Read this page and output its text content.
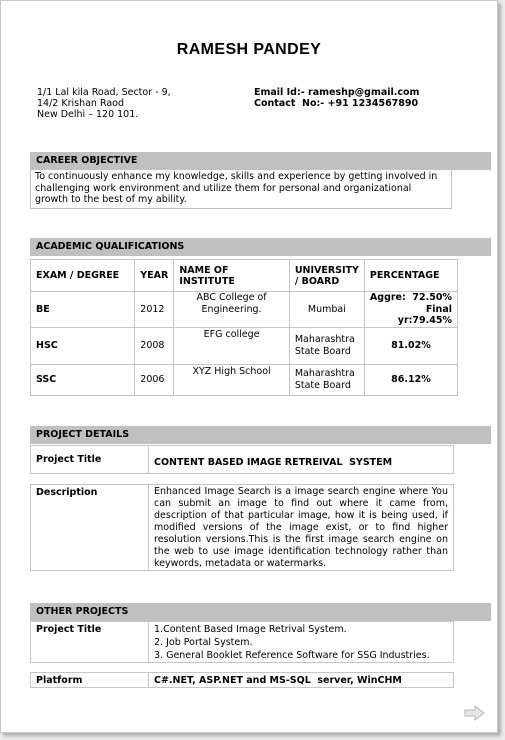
RAMESH PANDEY
1/1 Lal kila Road, Sector - 9,
14/2 Krishan Raod
New Delhi – 120 101.
Email Id:- rameshp@gmail.com
Contact  No:- +91 1234567890
CAREER OBJECTIVE
To continuously enhance my knowledge, skills and experience by getting involved in challenging work environment and utilize them for personal and organizational growth to the best of my ability.
ACADEMIC QUALIFICATIONS
EXAM / DEGREE	YEAR	NAME OF INSTITUTE	UNIVERSITY / BOARD	PERCENTAGE
BE	2012	ABC College of Engineering.	Mumbai	Aggre:  72.50%
Final yr:79.45%

HSC	2008	EFG college	Maharashtra State Board	81.02%
SSC	2006	XYZ High School	Maharashtra State Board	86.12%
PROJECT DETAILS
Project Title	CONTENT BASED IMAGE RETREIVAL  SYSTEM
Description	Enhanced Image Search is a image search engine where You can submit an image to find out where it came from, description of that particular image, how it is being used, if modified versions of the image exist, or to find higher resolution versions.This is the first image search engine on the web to use image identification technology rather than keywords, metadata or watermarks.
OTHER PROJECTS
Project Title	1.Content Based Image Retrival System.
2. Job Portal System.
3. General Booklet Reference Software for SSG Industries.
Platform	C#.NET, ASP.NET and MS-SQL  server, WinCHM
